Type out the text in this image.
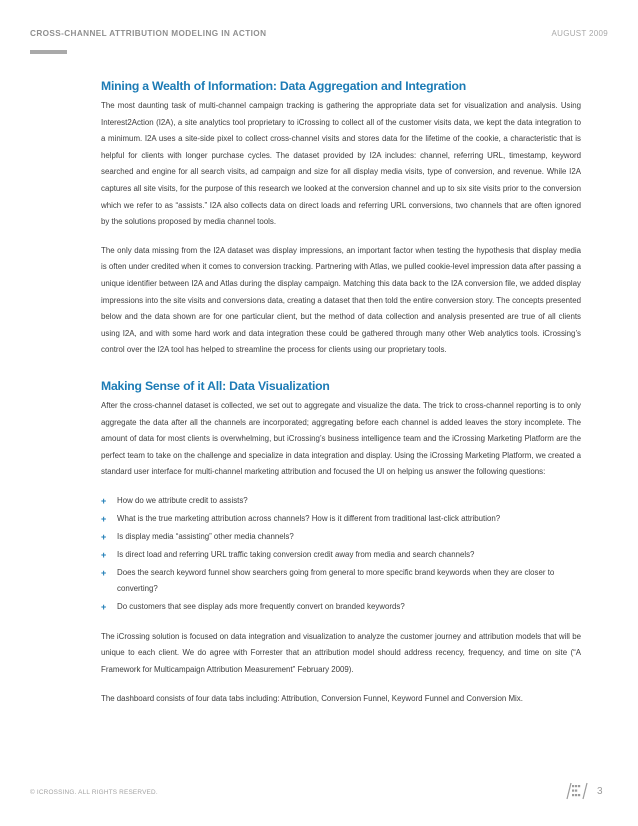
CROSS-CHANNEL ATTRIBUTION MODELING IN ACTION	AUGUST 2009
Mining a Wealth of Information: Data Aggregation and Integration

The most daunting task of multi-channel campaign tracking is gathering the appropriate data set for visualization and analysis. Using Interest2Action (I2A), a site analytics tool proprietary to iCrossing to collect all of the customer visits data, we kept the data integration to a minimum. I2A uses a site-side pixel to collect cross-channel visits and stores data for the lifetime of the cookie, a characteristic that is helpful for clients with longer purchase cycles. The dataset provided by I2A includes: channel, referring URL, timestamp, keyword searched and engine for all search visits, ad campaign and size for all display media visits, type of conversion, and revenue. While I2A captures all site visits, for the purpose of this research we looked at the conversion channel and up to six site visits prior to the conversion which we refer to as “assists.” I2A also collects data on direct loads and referring URL conversions, two channels that are often ignored by the solutions proposed by media channel tools.

The only data missing from the I2A dataset was display impressions, an important factor when testing the hypothesis that display media is often under credited when it comes to conversion tracking. Partnering with Atlas, we pulled cookie-level impression data after passing a unique identifier between I2A and Atlas during the display campaign. Matching this data back to the I2A conversion file, we added display impressions into the site visits and conversions data, creating a dataset that then told the entire conversion story. The concepts presented below and the data shown are for one particular client, but the method of data collection and analysis presented are true of all clients using I2A, and with some hard work and data integration these could be gathered through many other Web analytics tools. iCrossing’s control over the I2A tool has helped to streamline the process for clients using our proprietary tools.

Making Sense of it All: Data Visualization

After the cross-channel dataset is collected, we set out to aggregate and visualize the data. The trick to cross-channel reporting is to only aggregate the data after all the channels are incorporated; aggregating before each channel is added leaves the story incomplete. The amount of data for most clients is overwhelming, but iCrossing’s business intelligence team and the iCrossing Marketing Platform are the perfect team to take on the challenge and specialize in data integration and display. Using the iCrossing Marketing Platform, we created a standard user interface for multi-channel marketing attribution and focused the UI on helping us answer the following questions:

+ How do we attribute credit to assists?
+ What is the true marketing attribution across channels? How is it different from traditional last-click attribution?
+ Is display media “assisting” other media channels?
+ Is direct load and referring URL traffic taking conversion credit away from media and search channels?
+ Does the search keyword funnel show searchers going from general to more specific brand keywords when they are closer to converting?
+ Do customers that see display ads more frequently convert on branded keywords?

The iCrossing solution is focused on data integration and visualization to analyze the customer journey and attribution models that will be unique to each client. We do agree with Forrester that an attribution model should address recency, frequency, and time on site (“A Framework for Multicampaign Attribution Measurement” February 2009).

The dashboard consists of four data tabs including: Attribution, Conversion Funnel, Keyword Funnel and Conversion Mix.

© ICROSSING. ALL RIGHTS RESERVED.	3
